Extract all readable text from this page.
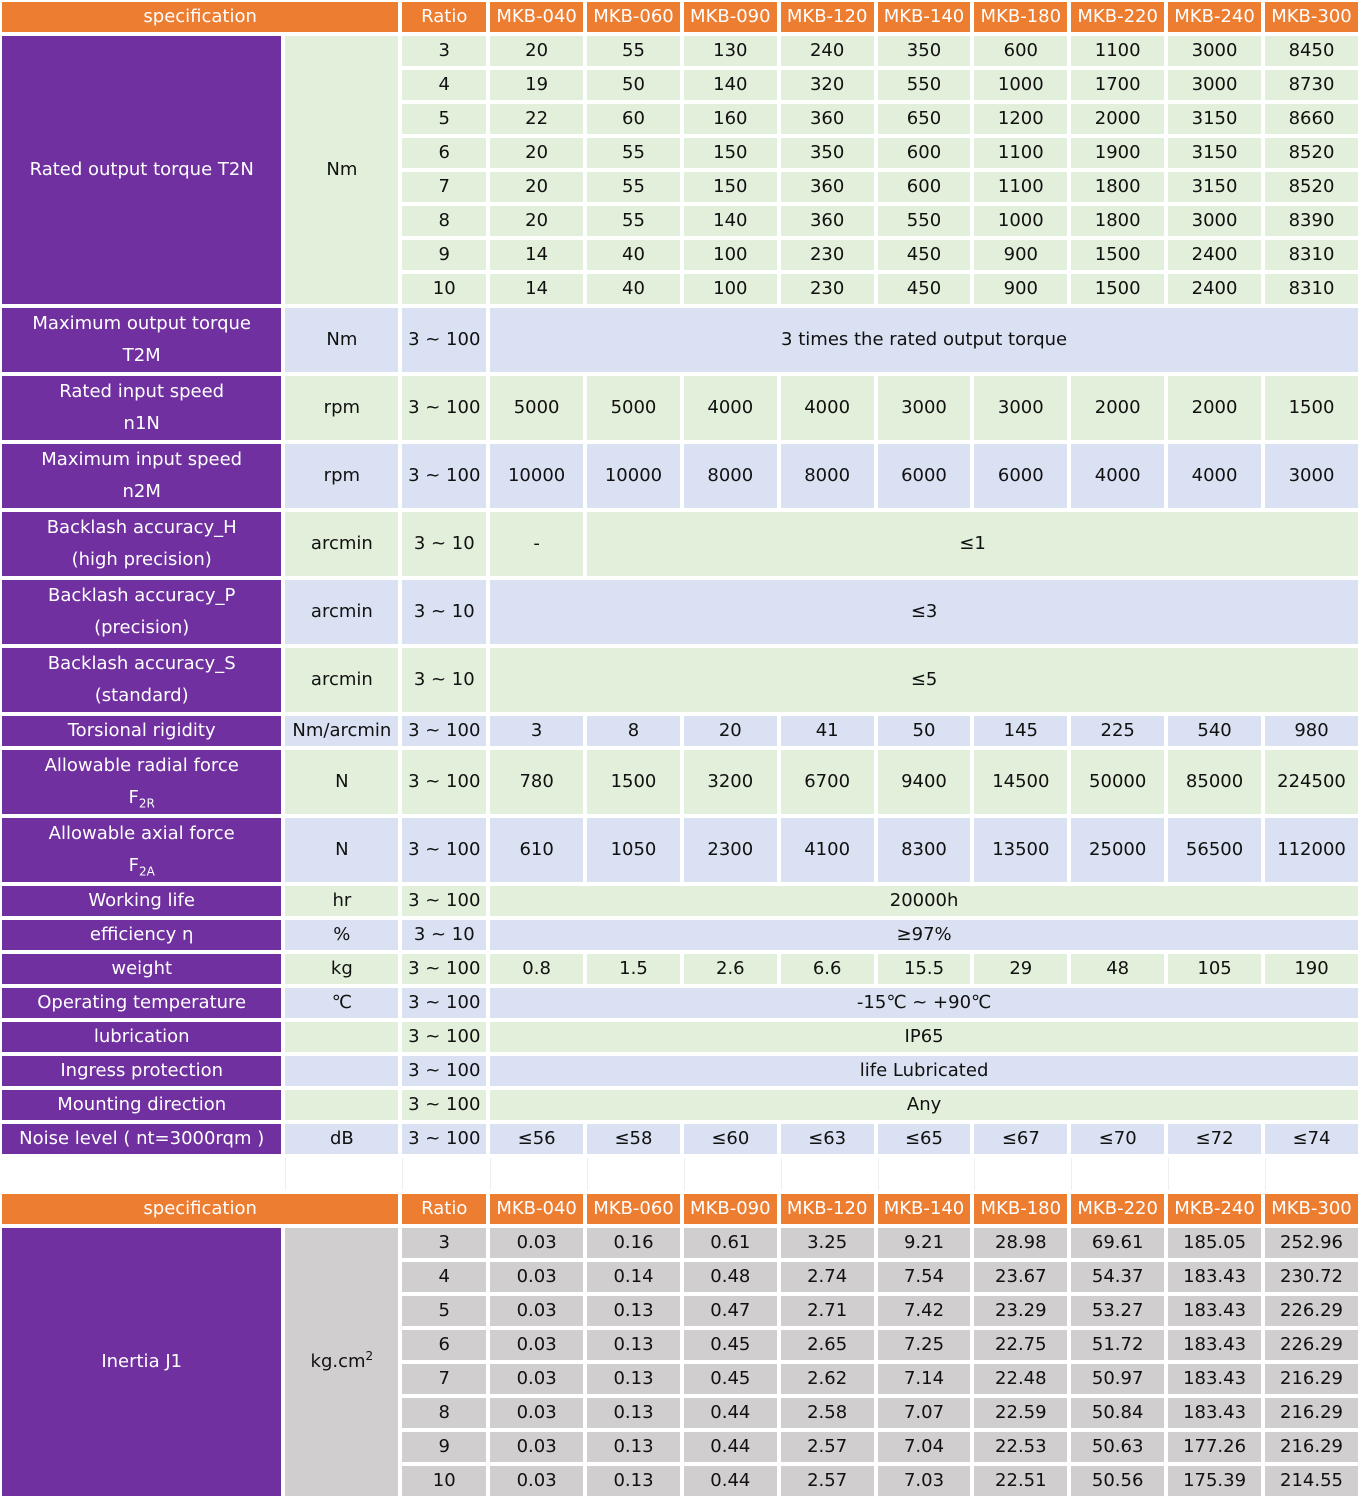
specification		Ratio	MKB-040	MKB-060	MKB-090	MKB-120	MKB-140	MKB-180	MKB-220	MKB-240	MKB-300
Rated output torque T2N	Nm	3	20	55	130	240	350	600	1100	3000	8450
		4	19	50	140	320	550	1000	1700	3000	8730
		5	22	60	160	360	650	1200	2000	3150	8660
		6	20	55	150	350	600	1100	1900	3150	8520
		7	20	55	150	360	600	1100	1800	3150	8520
		8	20	55	140	360	550	1000	1800	3000	8390
		9	14	40	100	230	450	900	1500	2400	8310
		10	14	40	100	230	450	900	1500	2400	8310

Maximum output torque
T2M	Nm	3 ~ 100	3 times the rated output torque								

Rated input speed
n1N	rpm	3 ~ 100	5000	5000	4000	4000	3000	3000	2000	2000	1500

Maximum input speed
n2M	rpm	3 ~ 100	10000	10000	8000	8000	6000	6000	4000	4000	3000

Backlash accuracy_H
(high precision)	arcmin	3 ~ 10	-	≤1							

Backlash accuracy_P
(precision)	arcmin	3 ~ 10	≤3								

Backlash accuracy_S
(standard)	arcmin	3 ~ 10	≤5								
Torsional rigidity	Nm/arcmin	3 ~ 100	3	8	20	41	50	145	225	540	980

Allowable radial force
$F_{2R}$	N	3 ~ 100	780	1500	3200	6700	9400	14500	50000	85000	224500

Allowable axial force
$F_{2A}$	N	3 ~ 100	610	1050	2300	4100	8300	13500	25000	56500	112000
Working life	hr	3 ~ 100	20000h								
efficiency η	%	3 ~ 10	≥97%								
weight	kg	3 ~ 100	0.8	1.5	2.6	6.6	15.5	29	48	105	190
Operating temperature	℃	3 ~ 100	-15℃ ~ +90℃								
lubrication		3 ~ 100	IP65								
Ingress protection		3 ~ 100	life Lubricated								
Mounting direction		3 ~ 100	Any								
Noise level ( nt=3000rqm )	dB	3 ~ 100	≤56	≤58	≤60	≤63	≤65	≤67	≤70	≤72	≤74

specification		Ratio	MKB-040	MKB-060	MKB-090	MKB-120	MKB-140	MKB-180	MKB-220	MKB-240	MKB-300
Inertia J1	$kg.cm^2$	3	0.03	0.16	0.61	3.25	9.21	28.98	69.61	185.05	252.96
		4	0.03	0.14	0.48	2.74	7.54	23.67	54.37	183.43	230.72
		5	0.03	0.13	0.47	2.71	7.42	23.29	53.27	183.43	226.29
		6	0.03	0.13	0.45	2.65	7.25	22.75	51.72	183.43	226.29
		7	0.03	0.13	0.45	2.62	7.14	22.48	50.97	183.43	216.29
		8	0.03	0.13	0.44	2.58	7.07	22.59	50.84	183.43	216.29
		9	0.03	0.13	0.44	2.57	7.04	22.53	50.63	177.26	216.29
		10	0.03	0.13	0.44	2.57	7.03	22.51	50.56	175.39	214.55
